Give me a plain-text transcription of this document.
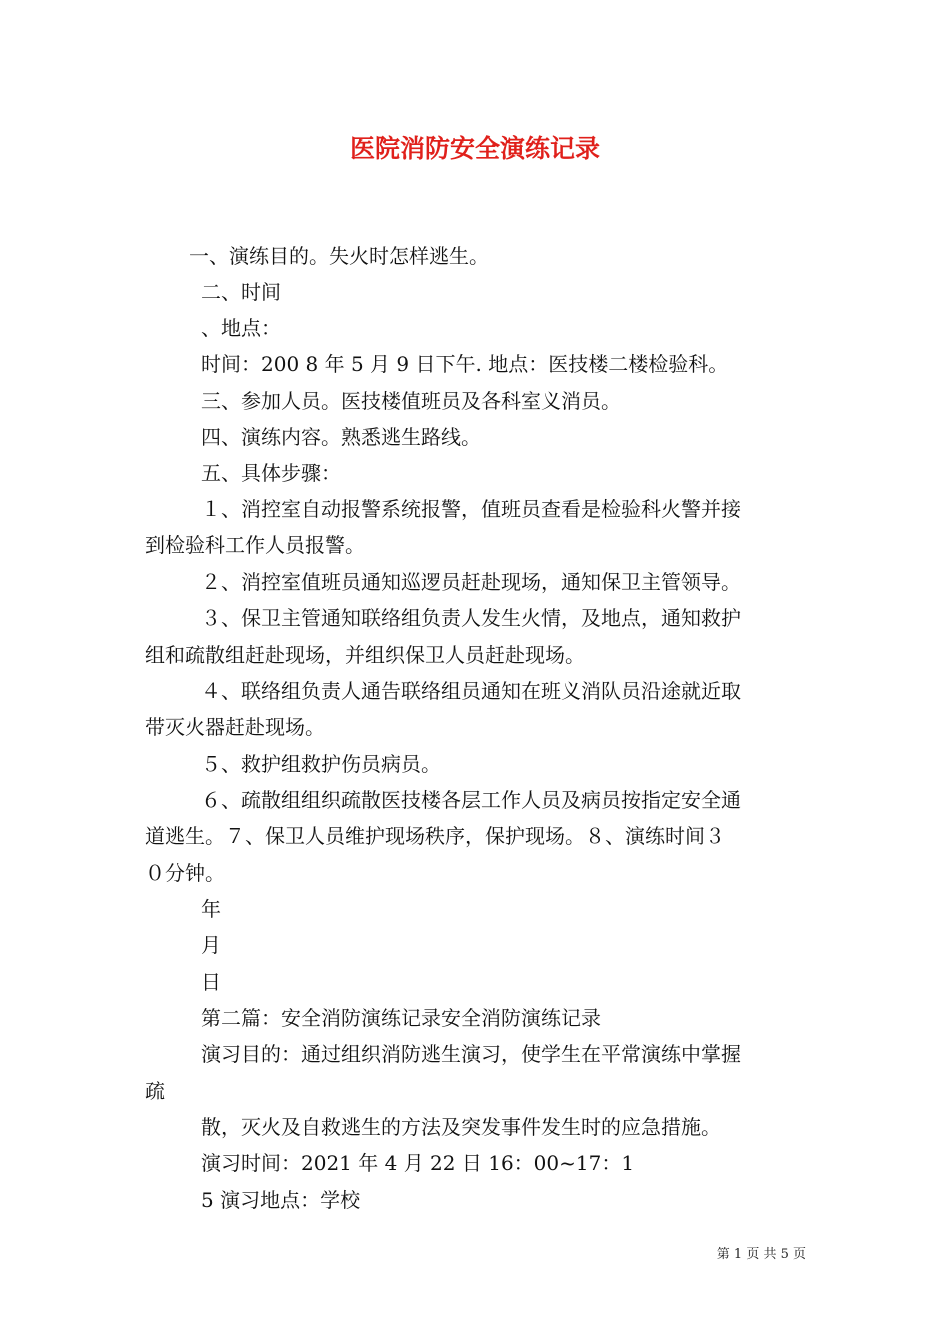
医院消防安全演练记录
一、演练目的。失火时怎样逃生。
二、时间
、地点：
时间：200 8 年 5 月 9 日下午. 地点：医技楼二楼检验科。
三、参加人员。医技楼值班员及各科室义消员。
四、演练内容。熟悉逃生路线。
五、具体步骤：
１、消控室自动报警系统报警，值班员查看是检验科火警并接
到检验科工作人员报警。
２、消控室值班员通知巡逻员赶赴现场，通知保卫主管领导。
３、保卫主管通知联络组负责人发生火情，及地点，通知救护
组和疏散组赶赴现场，并组织保卫人员赶赴现场。
４、联络组负责人通告联络组员通知在班义消队员沿途就近取
带灭火器赶赴现场。
５、救护组救护伤员病员。
６、疏散组组织疏散医技楼各层工作人员及病员按指定安全通
道逃生。７、保卫人员维护现场秩序，保护现场。８、演练时间３
０分钟。
年
月
日
第二篇：安全消防演练记录安全消防演练记录
演习目的：通过组织消防逃生演习，使学生在平常演练中掌握
疏
散，灭火及自救逃生的方法及突发事件发生时的应急措施。
演习时间：2021 年 4 月 22 日 16：00~17：1
5 演习地点：学校
第 1 页 共 5 页
